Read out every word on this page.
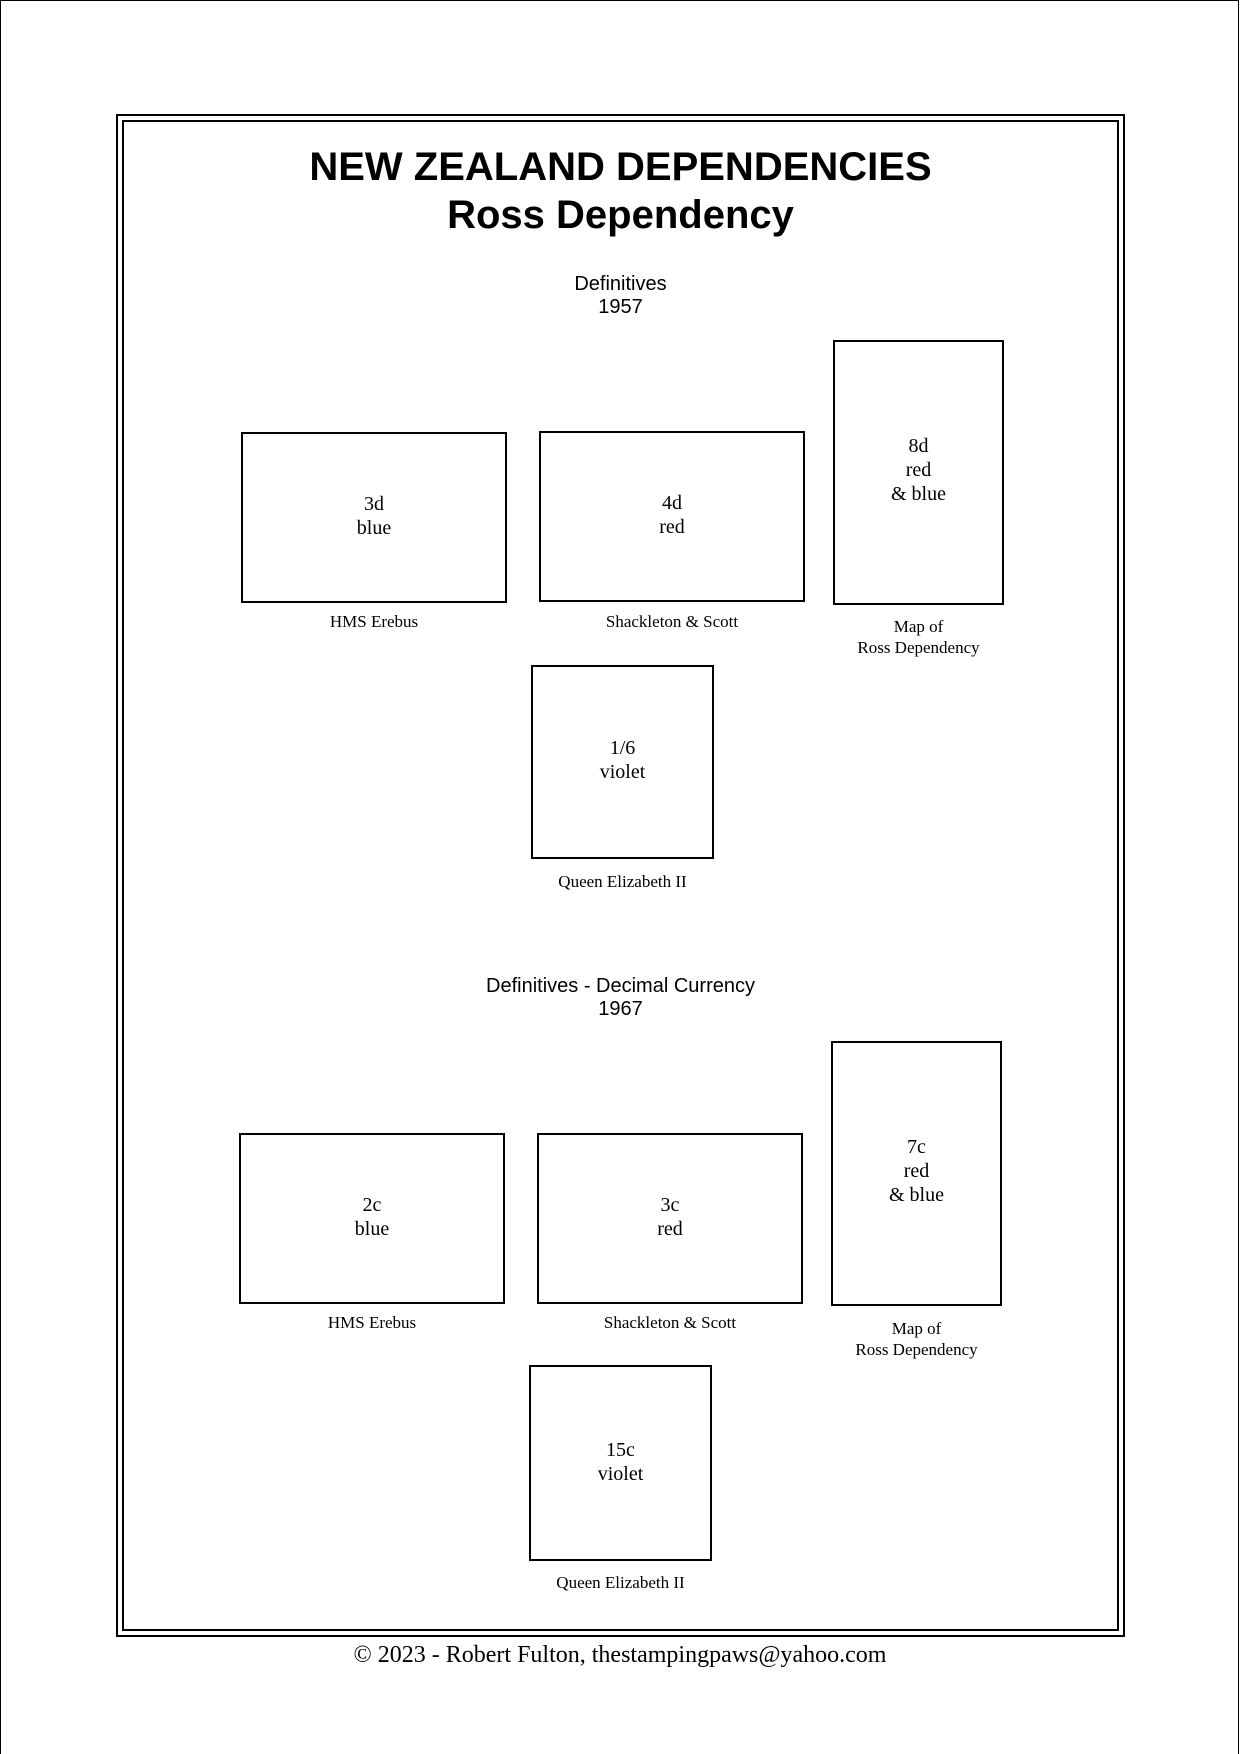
NEW ZEALAND DEPENDENCIES
Ross Dependency
Definitives
1957
3d
blue
HMS Erebus
4d
red
Shackleton & Scott
8d
red
& blue
Map of
Ross Dependency
1/6
violet
Queen Elizabeth II
Definitives - Decimal Currency
1967
2c
blue
HMS Erebus
3c
red
Shackleton & Scott
7c
red
& blue
Map of
Ross Dependency
15c
violet
Queen Elizabeth II
© 2023 - Robert Fulton, thestampingpaws@yahoo.com
